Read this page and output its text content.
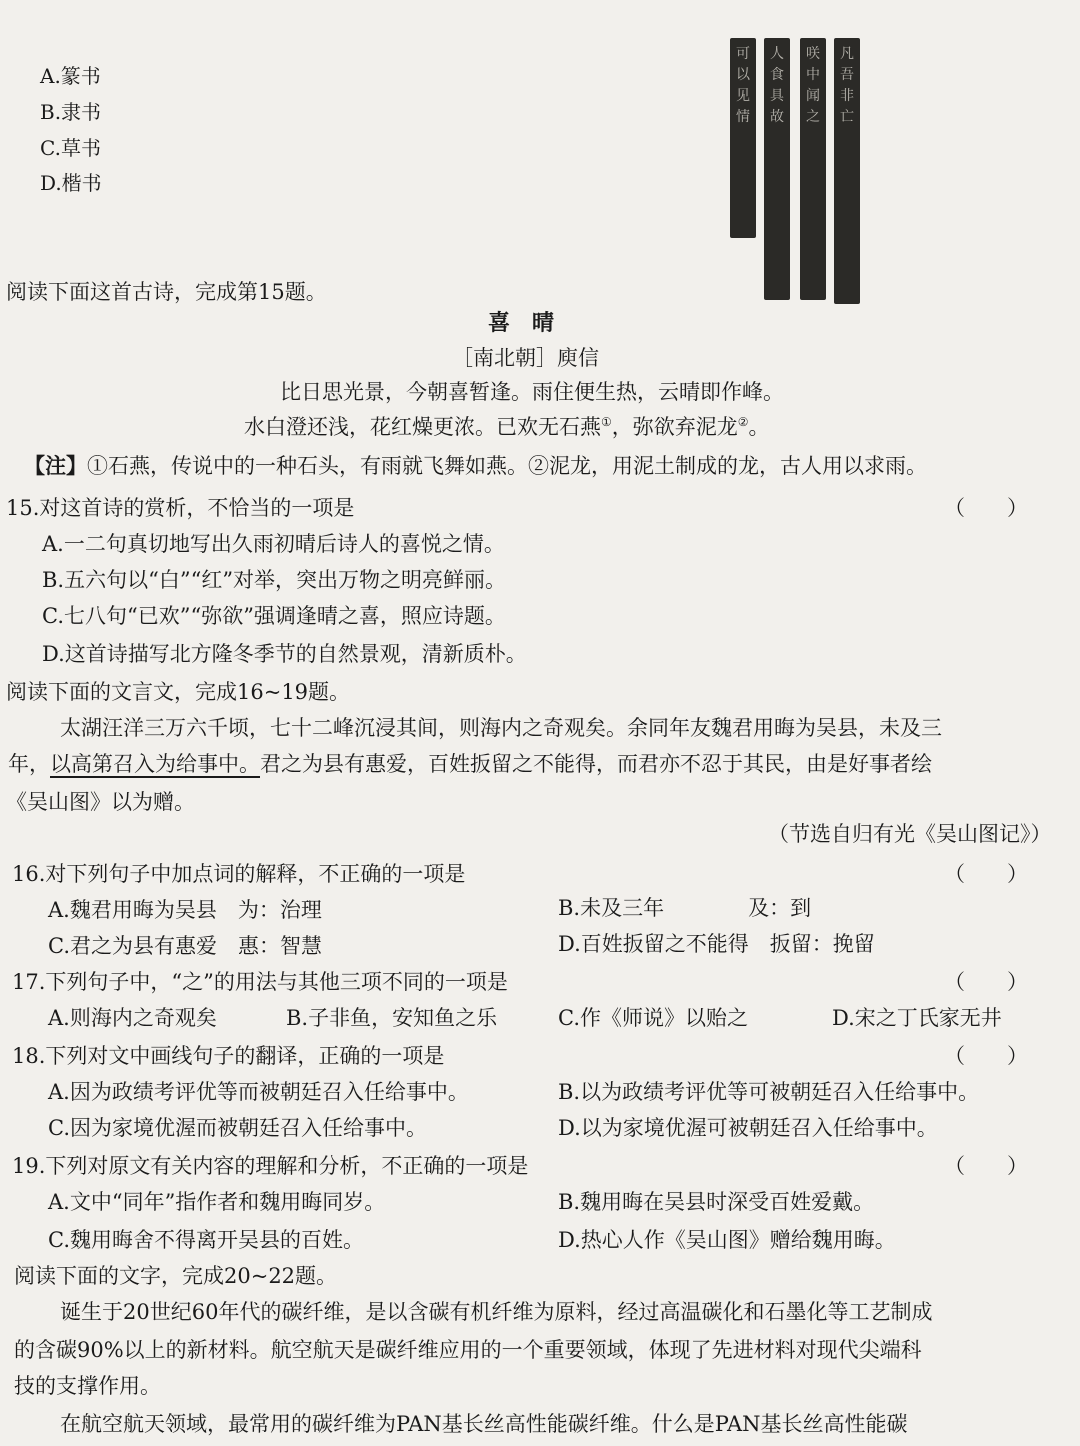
A.篆书
B.隶书
C.草书
D.楷书
可
以
见
情
人
食
具
故
咲
中
闻
之
凡
吾
非
亡
阅读下面这首古诗，完成第15题。
喜　晴
［南北朝］庾信
比日思光景，今朝喜暂逢。雨住便生热，云晴即作峰。
水白澄还浅，花红燥更浓。已欢无石燕①，弥欲弃泥龙②。
【注】①石燕，传说中的一种石头，有雨就飞舞如燕。②泥龙，用泥土制成的龙，古人用以求雨。
15.对这首诗的赏析，不恰当的一项是	（　　）
A.一二句真切地写出久雨初晴后诗人的喜悦之情。
B.五六句以“白”“红”对举，突出万物之明亮鲜丽。
C.七八句“已欢”“弥欲”强调逢晴之喜，照应诗题。
D.这首诗描写北方隆冬季节的自然景观，清新质朴。
阅读下面的文言文，完成16~19题。
太湖汪洋三万六千顷，七十二峰沉浸其间，则海内之奇观矣。余同年友魏君用晦为吴县，未及三
年，以高第召入为给事中。君之为县有惠爱，百姓扳留之不能得，而君亦不忍于其民，由是好事者绘
《吴山图》以为赠。
（节选自归有光《吴山图记》）
16.对下列句子中加点词的解释，不正确的一项是	（　　）
A.魏君用晦为吴县　为：治理	B.未及三年　　　　及：到
C.君之为县有惠爱　惠：智慧	D.百姓扳留之不能得　扳留：挽留
17.下列句子中，“之”的用法与其他三项不同的一项是	（　　）
A.则海内之奇观矣	B.子非鱼，安知鱼之乐	C.作《师说》以贻之	D.宋之丁氏家无井
18.下列对文中画线句子的翻译，正确的一项是	（　　）
A.因为政绩考评优等而被朝廷召入任给事中。	B.以为政绩考评优等可被朝廷召入任给事中。
C.因为家境优渥而被朝廷召入任给事中。	D.以为家境优渥可被朝廷召入任给事中。
19.下列对原文有关内容的理解和分析，不正确的一项是	（　　）
A.文中“同年”指作者和魏用晦同岁。	B.魏用晦在吴县时深受百姓爱戴。
C.魏用晦舍不得离开吴县的百姓。	D.热心人作《吴山图》赠给魏用晦。
阅读下面的文字，完成20~22题。
诞生于20世纪60年代的碳纤维，是以含碳有机纤维为原料，经过高温碳化和石墨化等工艺制成
的含碳90%以上的新材料。航空航天是碳纤维应用的一个重要领域，体现了先进材料对现代尖端科
技的支撑作用。
在航空航天领域，最常用的碳纤维为PAN基长丝高性能碳纤维。什么是PAN基长丝高性能碳
